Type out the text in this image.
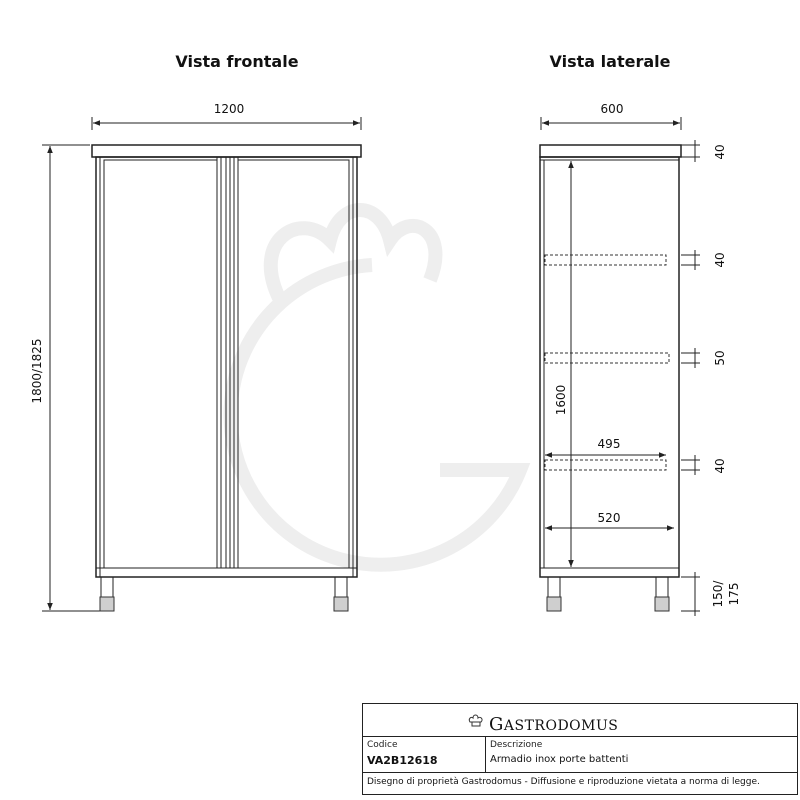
Vista frontale	Vista laterale
1200
1800/1825
600
1600
495
520
40
40
50
40
150/ 175
GASTRODOMUS
Codice
VA2B12618
Descrizione
Armadio inox porte battenti
Disegno di proprietà Gastrodomus - Diffusione e riproduzione vietata a norma di legge.
